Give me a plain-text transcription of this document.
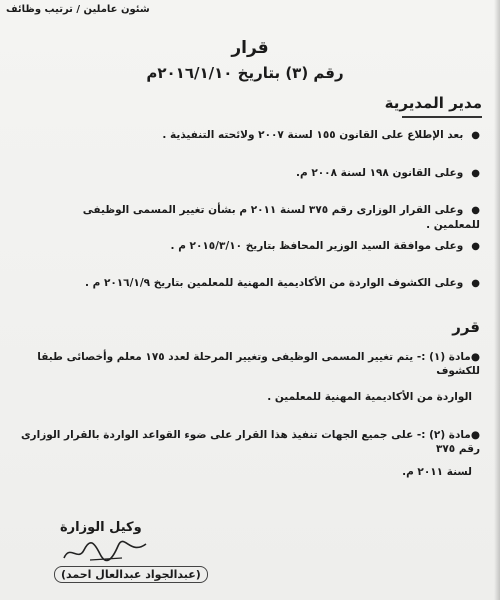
شئون عاملين / ترتيب وظائف
قرار
رقم (٣) بتاريخ ٢٠١٦/١/١٠م
مدير المديرية
●بعد الإطلاع على القانون ١٥٥ لسنة ٢٠٠٧ ولائحته التنفيذية .
●وعلى القانون ١٩٨ لسنة ٢٠٠٨ م.
●وعلى القرار الوزارى رقم ٣٧٥ لسنة ٢٠١١ م بشأن تغيير المسمى الوظيفى للمعلمين .
●وعلى موافقة السيد الوزير المحافظ بتاريخ ٢٠١٥/٣/١٠ م .
●وعلى الكشوف الواردة من الأكاديمية المهنية للمعلمين بتاريخ ٢٠١٦/١/٩ م .
قرر
●مادة (١) :- يتم تغيير المسمى الوظيفى وتغيير المرحلة لعدد ١٧٥ معلم وأخصائى طبقا للكشوف
الواردة من الأكاديمية المهنية للمعلمين .
●مادة (٢) :- على جميع الجهات تنفيذ هذا القرار على ضوء القواعد الواردة بالقرار الوزارى رقم ٣٧٥
لسنة ٢٠١١ م.
وكيل الوزارة
(عبدالجواد عبدالعال احمد)
